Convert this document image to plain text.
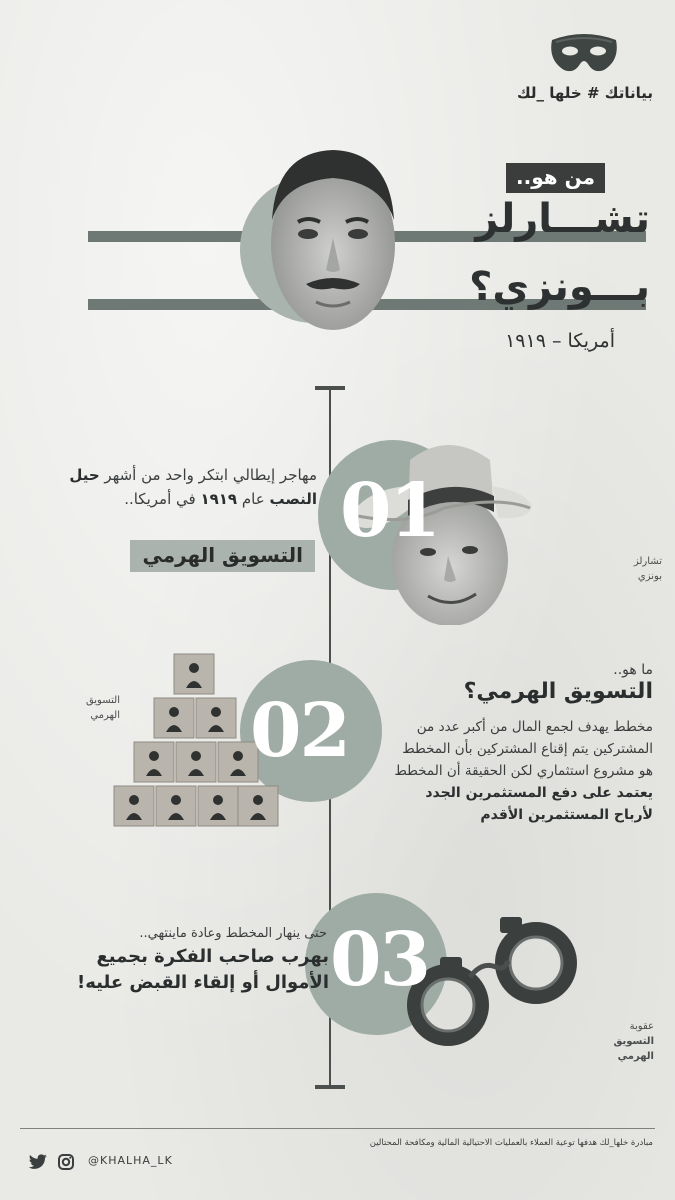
بياناتك # خلها _لك
من هو..
تشـــارلز
بـــونزي؟
أمريكا – ١٩١٩
01
مهاجر إيطالي ابتكر واحد من أشهر حيل النصب عام ١٩١٩ في أمريكا..
التسويق الهرمي	تشارلز
بونزي
02
التسويق
الهرمي
ما هو..
التسويق الهرمي؟
مخطط يهدف لجمع المال من أكبر عدد من المشتركين يتم إقناع المشتركين بأن المخطط هو مشروع استثماري لكن الحقيقة أن المخطط يعتمد على دفع المستثمرين الجدد لأرباح المستثمرين الأقدم
03
حتى ينهار المخطط وعادة ماينتهي..
بهرب صاحب الفكرة بجميع الأموال أو إلقاء القبض عليه!
عقوبة
التسويق الهرمي
مبادرة خلها_لك هدفها توعية العملاء بالعمليات الاحتيالية المالية ومكافحة المحتالين
@KHALHA_LK
